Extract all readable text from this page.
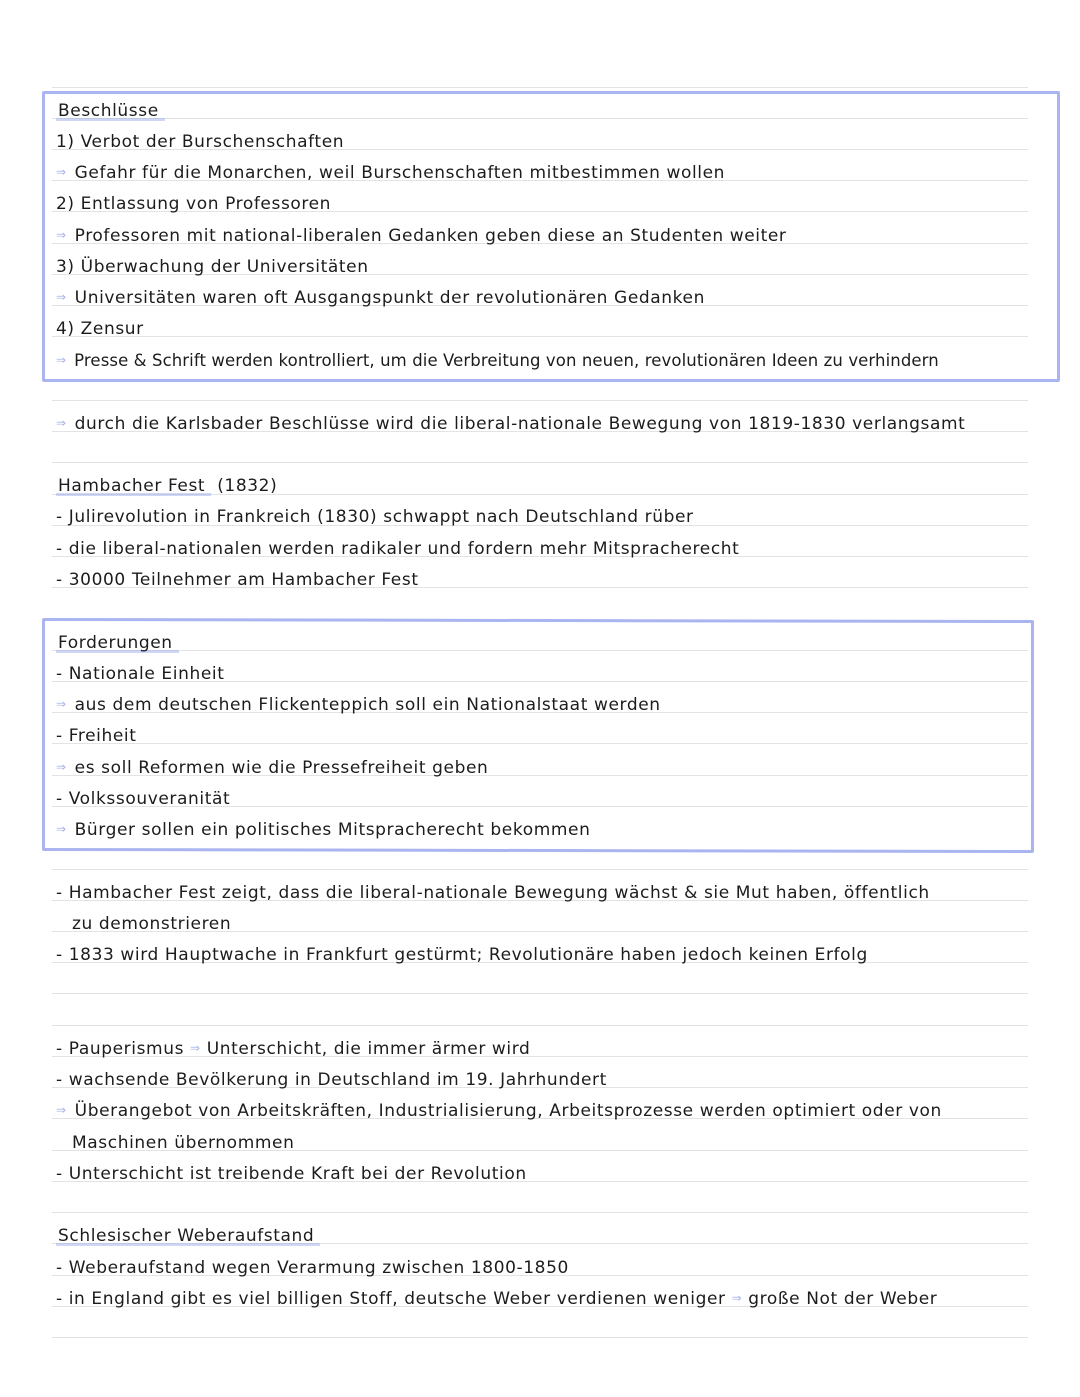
Beschlüsse
1) Verbot der Burschenschaften
⇒ Gefahr für die Monarchen, weil Burschenschaften mitbestimmen wollen
2) Entlassung von Professoren
⇒ Professoren mit national-liberalen Gedanken geben diese an Studenten weiter
3) Überwachung der Universitäten
⇒ Universitäten waren oft Ausgangspunkt der revolutionären Gedanken
4) Zensur
⇒ Presse & Schrift werden kontrolliert, um die Verbreitung von neuen, revolutionären Ideen zu verhindern
⇒ durch die Karlsbader Beschlüsse wird die liberal-nationale Bewegung von 1819-1830 verlangsamt
Hambacher Fest (1832)
- Julirevolution in Frankreich (1830) schwappt nach Deutschland rüber
- die liberal-nationalen werden radikaler und fordern mehr Mitspracherecht
- 30000 Teilnehmer am Hambacher Fest
Forderungen
- Nationale Einheit
⇒ aus dem deutschen Flickenteppich soll ein Nationalstaat werden
- Freiheit
⇒ es soll Reformen wie die Pressefreiheit geben
- Volkssouveranität
⇒ Bürger sollen ein politisches Mitspracherecht bekommen
- Hambacher Fest zeigt, dass die liberal-nationale Bewegung wächst & sie Mut haben, öffentlich
zu demonstrieren
- 1833 wird Hauptwache in Frankfurt gestürmt; Revolutionäre haben jedoch keinen Erfolg
- Pauperismus ⇒ Unterschicht, die immer ärmer wird
- wachsende Bevölkerung in Deutschland im 19. Jahrhundert
⇒ Überangebot von Arbeitskräften, Industrialisierung, Arbeitsprozesse werden optimiert oder von
Maschinen übernommen
- Unterschicht ist treibende Kraft bei der Revolution
Schlesischer Weberaufstand
- Weberaufstand wegen Verarmung zwischen 1800-1850
- in England gibt es viel billigen Stoff, deutsche Weber verdienen weniger ⇒ große Not der Weber
